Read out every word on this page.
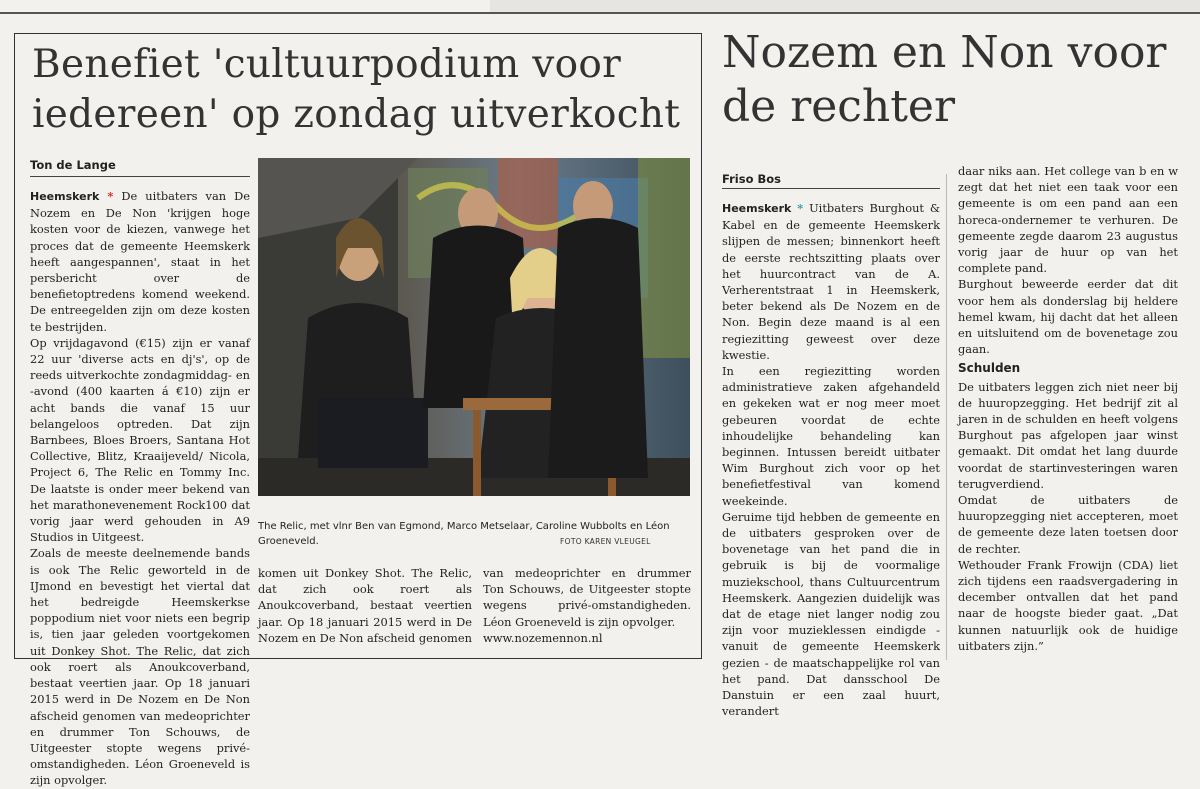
Benefiet 'cultuurpodium voor iedereen' op zondag uitverkocht
Ton de Lange

Heemskerk * De uitbaters van De Nozem en De Non 'krijgen hoge kosten voor de kiezen, vanwege het proces dat de gemeente Heemskerk heeft aangespannen', staat in het persbericht over de benefietoptredens komend weekend. De entreegelden zijn om deze kosten te bestrijden.

Op vrijdagavond (€15) zijn er vanaf 22 uur 'diverse acts en dj's', op de reeds uitverkochte zondagmiddag- en -avond (400 kaarten á €10) zijn er acht bands die vanaf 15 uur belangeloos optreden. Dat zijn Barnbees, Bloes Broers, Santana Hot Collective, Blitz, Kraaijeveld/ Nicola, Project 6, The Relic en Tommy Inc. De laatste is onder meer bekend van het marathonevenement Rock100 dat vorig jaar werd gehouden in A9 Studios in Uitgeest.

Zoals de meeste deelnemende bands is ook The Relic geworteld in de IJmond en bevestigt het viertal dat het bedreigde Heemskerkse poppodium niet voor niets een begrip is, tien jaar geleden voortgekomen uit Donkey Shot. The Relic, dat zich ook roert als Anoukcoverband, bestaat veertien jaar. Op 18 januari 2015 werd in De Nozem en De Non afscheid genomen van medeoprichter en drummer Ton Schouws, de Uitgeester stopte wegens privé-omstandigheden. Léon Groeneveld is zijn opvolger.

The Relic, met vlnr Ben van Egmond, Marco Metselaar, Caroline Wubbolts en Léon Groeneveld.	FOTO KAREN VLEUGEL

komen uit Donkey Shot. The Relic, dat zich ook roert als Anoukcoverband, bestaat veertien jaar. Op 18 januari 2015 werd in De Nozem en De Non afscheid genomen

van medeoprichter en drummer Ton Schouws, de Uitgeester stopte wegens privé-omstandigheden. Léon Groeneveld is zijn opvolger.

www.nozemennon.nl
Nozem en Non voor de rechter
Friso Bos

Heemskerk * Uitbaters Burghout & Kabel en de gemeente Heemskerk slijpen de messen; binnenkort heeft de eerste rechtszitting plaats over het huurcontract van de A. Verherentstraat 1 in Heemskerk, beter bekend als De Nozem en de Non. Begin deze maand is al een regiezitting geweest over deze kwestie.

In een regiezitting worden administratieve zaken afgehandeld en gekeken wat er nog meer moet gebeuren voordat de echte inhoudelijke behandeling kan beginnen. Intussen bereidt uitbater Wim Burghout zich voor op het benefietfestival van komend weekeinde.

Geruime tijd hebben de gemeente en de uitbaters gesproken over de bovenetage van het pand die in gebruik is bij de voormalige muziekschool, thans Cultuurcentrum Heemskerk. Aangezien duidelijk was dat de etage niet langer nodig zou zijn voor muzieklessen eindigde - vanuit de gemeente Heemskerk gezien - de maatschappelijke rol van het pand. Dat dansschool De Danstuin er een zaal huurt, verandert

daar niks aan. Het college van b en w zegt dat het niet een taak voor een gemeente is om een pand aan een horeca-ondernemer te verhuren. De gemeente zegde daarom 23 augustus vorig jaar de huur op van het complete pand.

Burghout beweerde eerder dat dit voor hem als donderslag bij heldere hemel kwam, hij dacht dat het alleen en uitsluitend om de bovenetage zou gaan.

Schulden

De uitbaters leggen zich niet neer bij de huuropzegging. Het bedrijf zit al jaren in de schulden en heeft volgens Burghout pas afgelopen jaar winst gemaakt. Dit omdat het lang duurde voordat de startinvesteringen waren terugverdiend.

Omdat de uitbaters de huuropzegging niet accepteren, moet de gemeente deze laten toetsen door de rechter.

Wethouder Frank Frowijn (CDA) liet zich tijdens een raadsvergadering in december ontvallen dat het pand naar de hoogste bieder gaat. „Dat kunnen natuurlijk ook de huidige uitbaters zijn.”
